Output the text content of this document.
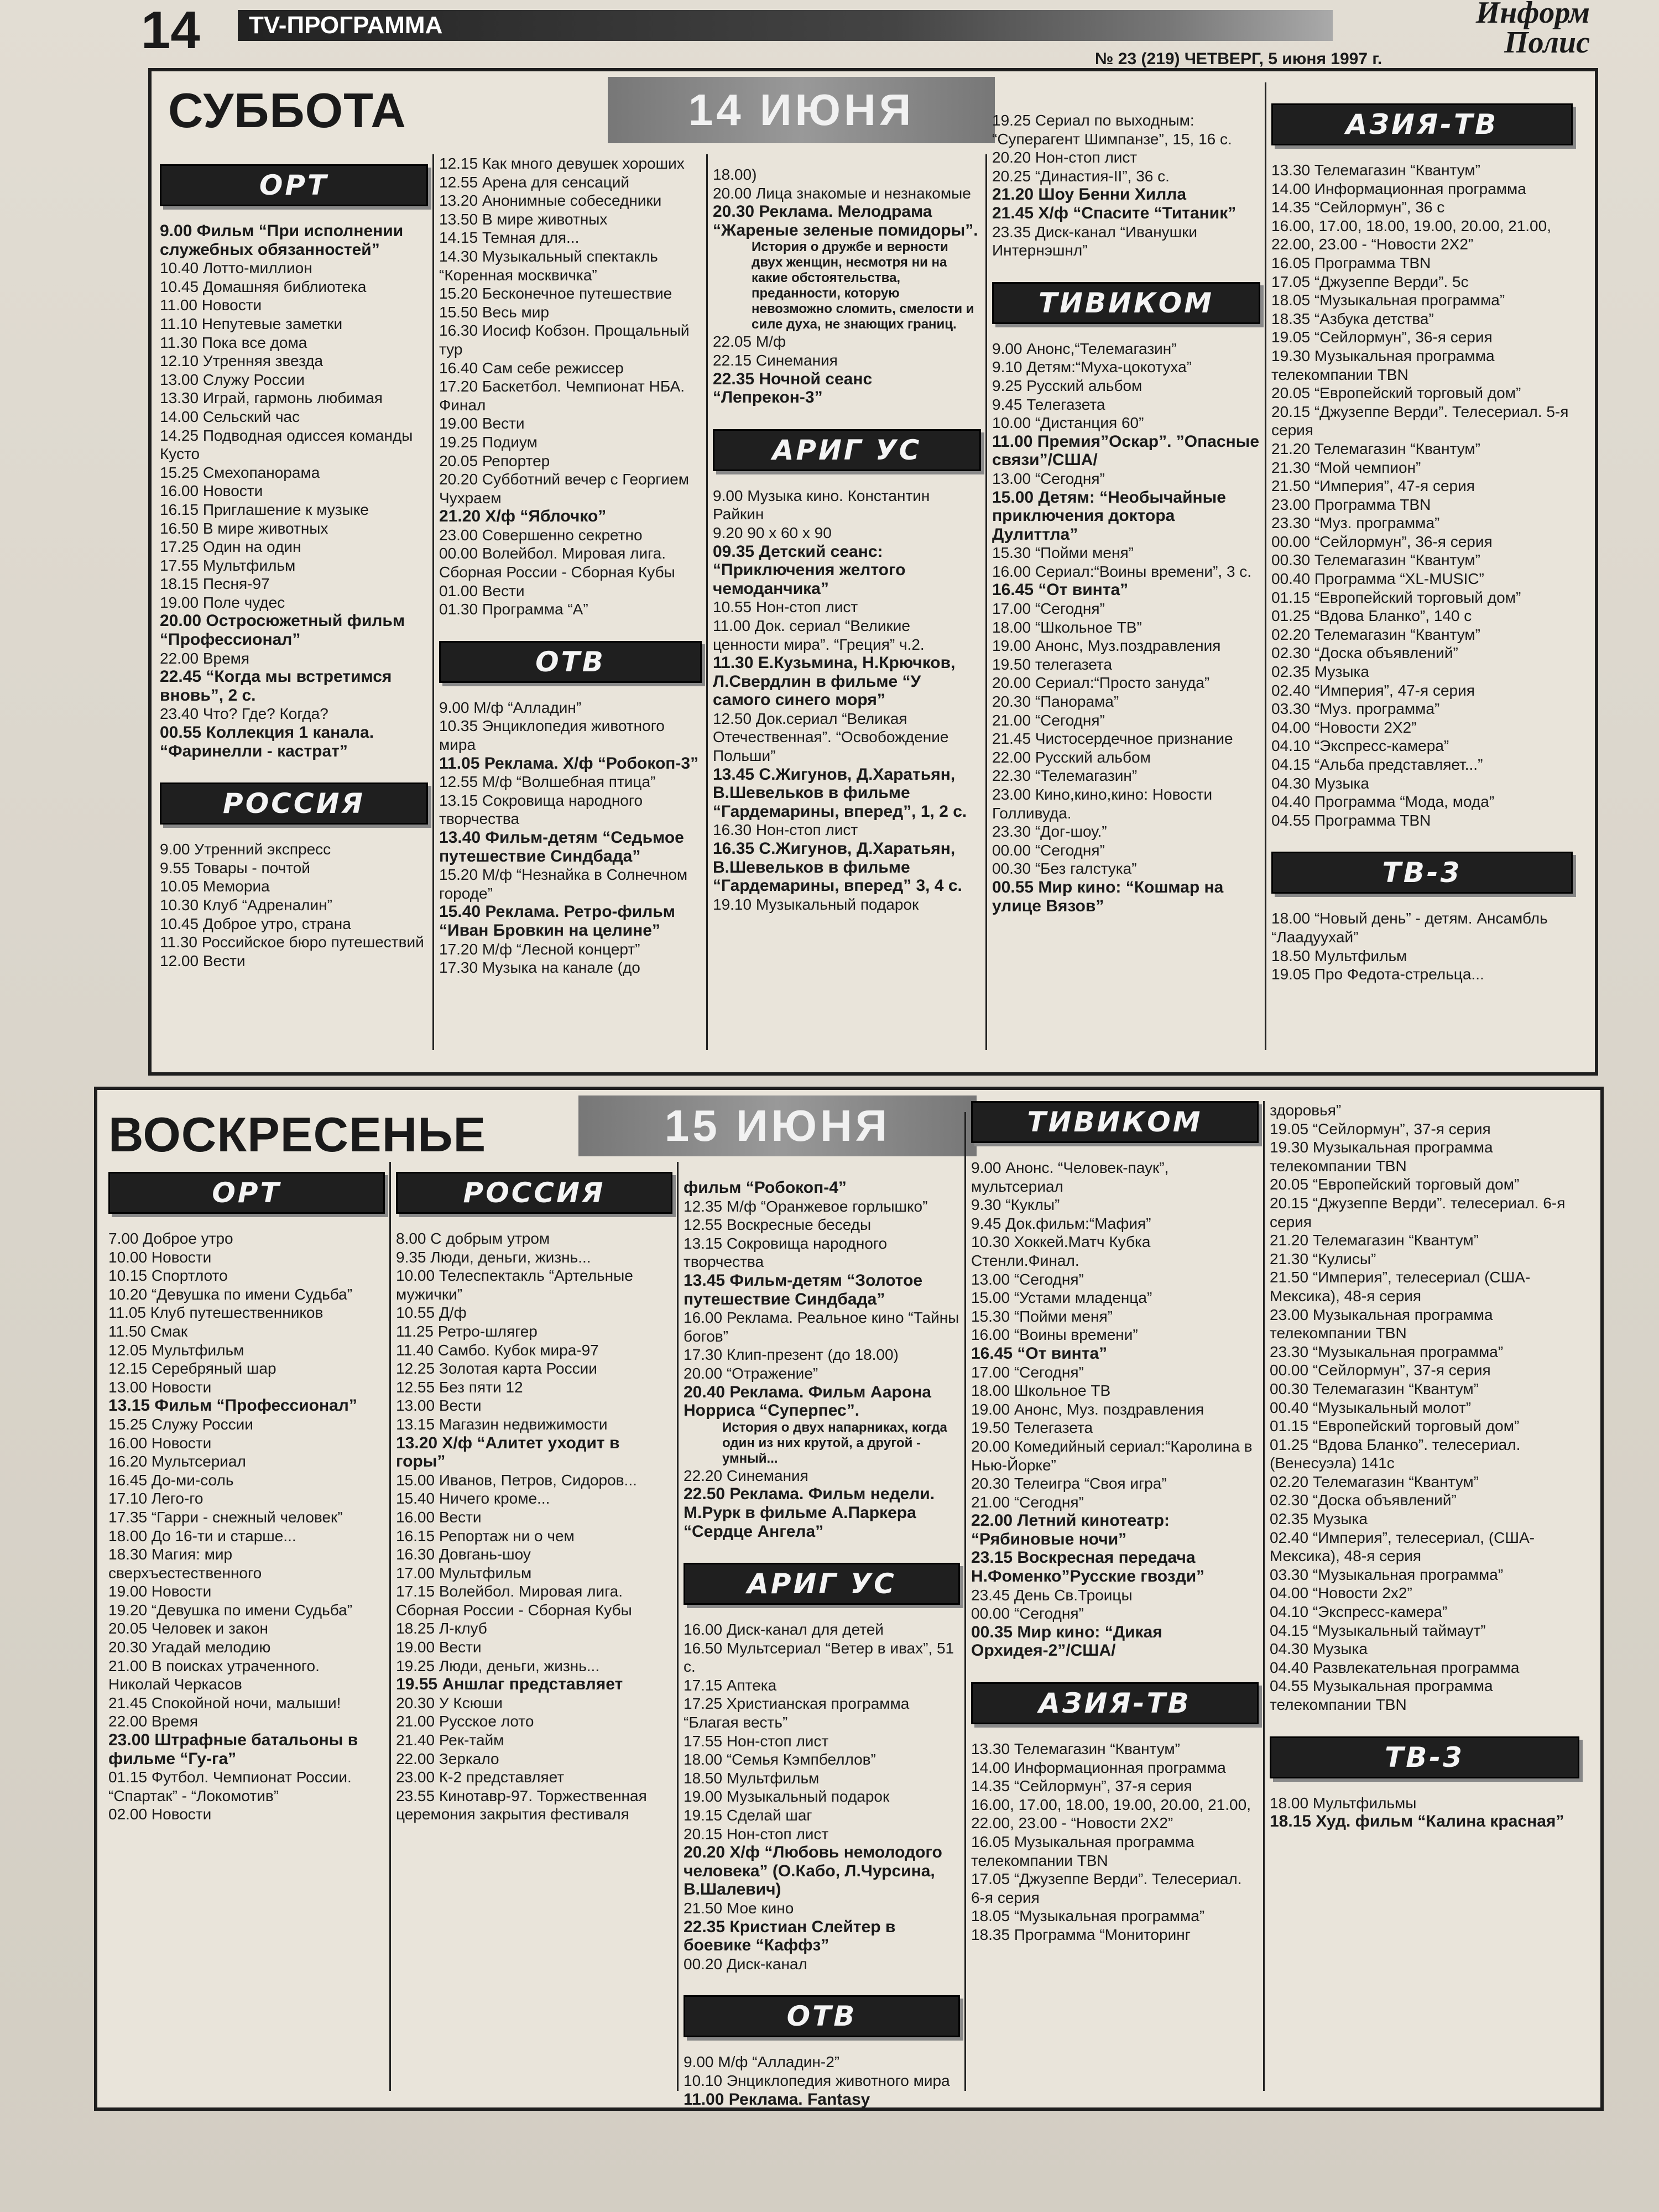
14	TV-ПРОГРАММА	Информ
Полис
№ 23 (219) ЧЕТВЕРГ, 5 июня 1997 г.
СУББОТА	14 ИЮНЯ
ОРТ
9.00 Фильм “При исполнении служебных обязанностей”
10.40 Лотто-миллион
10.45 Домашняя библиотека
11.00 Новости
11.10 Непутевые заметки
11.30 Пока все дома
12.10 Утренняя звезда
13.00 Служу России
13.30 Играй, гармонь любимая
14.00 Сельский час
14.25 Подводная одиссея команды Кусто
15.25 Смехопанорама
16.00 Новости
16.15 Приглашение к музыке
16.50 В мире животных
17.25 Один на один
17.55 Мультфильм
18.15 Песня-97
19.00 Поле чудес
20.00 Остросюжетный фильм “Профессионал”
22.00 Время
22.45 “Когда мы встретимся вновь”, 2 с.
23.40 Что? Где? Когда?
00.55 Коллекция 1 канала. “Фаринелли - кастрат”
РОССИЯ
9.00 Утренний экспресс
9.55 Товары - почтой
10.05 Мемориа
10.30 Клуб “Адреналин”
10.45 Доброе утро, страна
11.30 Российское бюро путешествий
12.00 Вести
12.15 Как много девушек хороших
12.55 Арена для сенсаций
13.20 Анонимные собеседники
13.50 В мире животных
14.15 Темная для...
14.30 Музыкальный спектакль “Коренная москвичка”
15.20 Бесконечное путешествие
15.50 Весь мир
16.30 Иосиф Кобзон. Прощальный тур
16.40 Сам себе режиссер
17.20 Баскетбол. Чемпионат НБА. Финал
19.00 Вести
19.25 Подиум
20.05 Репортер
20.20 Субботний вечер с Георгием Чухраем
21.20 Х/ф “Яблочко”
23.00 Совершенно секретно
00.00 Волейбол. Мировая лига. Сборная России - Сборная Кубы
01.00 Вести
01.30 Программа “А”
ОТВ
9.00 М/ф “Алладин”
10.35 Энциклопедия животного мира
11.05 Реклама. Х/ф “Робокоп-3”
12.55 М/ф “Волшебная птица”
13.15 Сокровища народного творчества
13.40 Фильм-детям “Седьмое путешествие Синдбада”
15.20 М/ф “Незнайка в Солнечном городе”
15.40 Реклама. Ретро-фильм “Иван Бровкин на целине”
17.20 М/ф “Лесной концерт”
17.30 Музыка на канале (до
18.00)
20.00 Лица знакомые и незнакомые
20.30 Реклама. Мелодрама “Жареные зеленые помидоры”.
История о дружбе и верности двух женщин, несмотря ни на какие обстоятельства, преданности, которую невозможно сломить, смелости и силе духа, не знающих границ.
22.05 М/ф
22.15 Синемания
22.35 Ночной сеанс “Лепрекон-3”
АРИГ УС
9.00 Музыка кино. Константин Райкин
9.20 90 х 60 х 90
09.35 Детский сеанс: “Приключения желтого чемоданчика”
10.55 Нон-стоп лист
11.00 Док. сериал “Великие ценности мира”. “Греция” ч.2.
11.30 Е.Кузьмина, Н.Крючков, Л.Свердлин в фильме “У самого синего моря”
12.50 Док.сериал “Великая Отечественная”. “Освобождение Польши”
13.45 С.Жигунов, Д.Харатьян, В.Шевельков в фильме “Гардемарины, вперед”, 1, 2 с.
16.30 Нон-стоп лист
16.35 С.Жигунов, Д.Харатьян, В.Шевельков в фильме “Гардемарины, вперед” 3, 4 с.
19.10 Музыкальный подарок
19.25 Сериал по выходным: “Суперагент Шимпанзе”, 15, 16 с.
20.20 Нон-стоп лист
20.25 “Династия-II”, 36 с.
21.20 Шоу Бенни Хилла
21.45 Х/ф “Спасите “Титаник”
23.35 Диск-канал “Иванушки Интернэшнл”
ТИВИКОМ
9.00 Анонс,“Телемагазин”
9.10 Детям:“Муха-цокотуха”
9.25 Русский альбом
9.45 Телегазета
10.00 “Дистанция 60”
11.00 Премия”Оскар”. ”Опасные связи”/США/
13.00 “Сегодня”
15.00 Детям: “Необычайные приключения доктора Дулиттла”
15.30 “Пойми меня”
16.00 Сериал:“Воины времени”, 3 с.
16.45 “От винта”
17.00 “Сегодня”
18.00 “Школьное ТВ”
19.00 Анонс, Муз.поздравления
19.50 телегазета
20.00 Сериал:“Просто зануда”
20.30 “Панорама”
21.00 “Сегодня”
21.45 Чистосердечное признание
22.00 Русский альбом
22.30 “Телемагазин”
23.00 Кино,кино,кино: Новости Голливуда.
23.30 “Дог-шоу.”
00.00 “Сегодня”
00.30 “Без галстука”
00.55 Мир кино: “Кошмар на улице Вязов”
АЗИЯ-ТВ
13.30 Телемагазин “Квантум”
14.00 Информационная программа
14.35 “Сейлормун”, 36 с
16.00, 17.00, 18.00, 19.00, 20.00, 21.00, 22.00, 23.00 - “Новости 2Х2”
16.05 Программа TBN
17.05 “Джузеппе Верди”. 5с
18.05 “Музыкальная программа”
18.35 “Азбука детства”
19.05 “Сейлормун”, 36-я серия
19.30 Музыкальная программа телекомпании TBN
20.05 “Европейский торговый дом”
20.15 “Джузеппе Верди”. Телесериал. 5-я серия
21.20 Телемагазин “Квантум”
21.30 “Мой чемпион”
21.50 “Империя”, 47-я серия
23.00 Программа TBN
23.30 “Муз. программа”
00.00 “Сейлормун”, 36-я серия
00.30 Телемагазин “Квантум”
00.40 Программа “XL-MUSIC”
01.15 “Европейский торговый дом”
01.25 “Вдова Бланко”, 140 с
02.20 Телемагазин “Квантум”
02.30 “Доска объявлений”
02.35 Музыка
02.40 “Империя”, 47-я серия
03.30 “Муз. программа”
04.00 “Новости 2Х2”
04.10 “Экспресс-камера”
04.15 “Альба представляет...”
04.30 Музыка
04.40 Программа “Мода, мода”
04.55 Программа TBN
ТВ-3
18.00 “Новый день” - детям. Ансамбль “Лаадуухай”
18.50 Мультфильм
19.05 Про Федота-стрельца...
ВОСКРЕСЕНЬЕ	15 ИЮНЯ
ОРТ
7.00 Доброе утро
10.00 Новости
10.15 Спортлото
10.20 “Девушка по имени Судьба”
11.05 Клуб путешественников
11.50 Смак
12.05 Мультфильм
12.15 Серебряный шар
13.00 Новости
13.15 Фильм “Профессионал”
15.25 Служу России
16.00 Новости
16.20 Мультсериал
16.45 До-ми-соль
17.10 Лего-го
17.35 “Гарри - снежный человек”
18.00 До 16-ти и старше...
18.30 Магия: мир сверхъестественного
19.00 Новости
19.20 “Девушка по имени Судьба”
20.05 Человек и закон
20.30 Угадай мелодию
21.00 В поисках утраченного. Николай Черкасов
21.45 Спокойной ночи, малыши!
22.00 Время
23.00 Штрафные батальоны в фильме “Гу-га”
01.15 Футбол. Чемпионат России. “Спартак” - “Локомотив”
02.00 Новости
РОССИЯ
8.00 С добрым утром
9.35 Люди, деньги, жизнь...
10.00 Телеспектакль “Артельные мужички”
10.55 Д/ф
11.25 Ретро-шлягер
11.40 Самбо. Кубок мира-97
12.25 Золотая карта России
12.55 Без пяти 12
13.00 Вести
13.15 Магазин недвижимости
13.20 Х/ф “Алитет уходит в горы”
15.00 Иванов, Петров, Сидоров...
15.40 Ничего кроме...
16.00 Вести
16.15 Репортаж ни о чем
16.30 Довгань-шоу
17.00 Мультфильм
17.15 Волейбол. Мировая лига. Сборная России - Сборная Кубы
18.25 Л-клуб
19.00 Вести
19.25 Люди, деньги, жизнь...
19.55 Аншлаг представляет
20.30 У Ксюши
21.00 Русское лото
21.40 Рек-тайм
22.00 Зеркало
23.00 К-2 представляет
23.55 Кинотавр-97. Торжественная церемония закрытия фестиваля
фильм “Робокоп-4”
12.35 М/ф “Оранжевое горлышко”
12.55 Воскресные беседы
13.15 Сокровища народного творчества
13.45 Фильм-детям “Золотое путешествие Синдбада”
16.00 Реклама. Реальное кино “Тайны богов”
17.30 Клип-презент (до 18.00)
20.00 “Отражение”
20.40 Реклама. Фильм Аарона Норриса “Суперпес”.
История о двух напарниках, когда один из них крутой, а другой - умный...
22.20 Синемания
22.50 Реклама. Фильм недели. М.Рурк в фильме А.Паркера “Сердце Ангела”
АРИГ УС
16.00 Диск-канал для детей
16.50 Мультсериал “Ветер в ивах”, 51 с.
17.15 Аптека
17.25 Христианская программа “Благая весть”
17.55 Нон-стоп лист
18.00 “Семья Кэмпбеллов”
18.50 Мультфильм
19.00 Музыкальный подарок
19.15 Сделай шаг
20.15 Нон-стоп лист
20.20 Х/ф “Любовь немолодого человека” (О.Кабо, Л.Чурсина, В.Шалевич)
21.50 Мое кино
22.35 Кристиан Слейтер в боевике “Каффз”
00.20 Диск-канал
ОТВ
9.00 М/ф “Алладин-2”
10.10 Энциклопедия животного мира
11.00 Реклама. Fantasy
ТИВИКОМ
9.00 Анонс. “Человек-паук”, мультсериал
9.30 “Куклы”
9.45 Док.фильм:“Мафия”
10.30 Хоккей.Матч Кубка Стенли.Финал.
13.00 “Сегодня”
15.00 “Устами младенца”
15.30 “Пойми меня”
16.00 “Воины времени”
16.45 “От винта”
17.00 “Сегодня”
18.00 Школьное ТВ
19.00 Анонс, Муз. поздравления
19.50 Телегазета
20.00 Комедийный сериал:“Каролина в Нью-Йорке”
20.30 Телеигра “Своя игра”
21.00 “Сегодня”
22.00 Летний кинотеатр: “Рябиновые ночи”
23.15 Воскресная передача Н.Фоменко”Русские гвозди”
23.45 День Св.Троицы
00.00 “Сегодня”
00.35 Мир кино: “Дикая Орхидея-2”/США/
АЗИЯ-ТВ
13.30 Телемагазин “Квантум”
14.00 Информационная программа
14.35 “Сейлормун”, 37-я серия
16.00, 17.00, 18.00, 19.00, 20.00, 21.00, 22.00, 23.00 - “Новости 2Х2”
16.05 Музыкальная программа телекомпании TBN
17.05 “Джузеппе Верди”. Телесериал. 6-я серия
18.05 “Музыкальная программа”
18.35 Программа “Мониторинг
здоровья”
19.05 “Сейлормун”, 37-я серия
19.30 Музыкальная программа телекомпании TBN
20.05 “Европейский торговый дом”
20.15 “Джузеппе Верди”. телесериал. 6-я серия
21.20 Телемагазин “Квантум”
21.30 “Кулисы”
21.50 “Империя”, телесериал (США-Мексика), 48-я серия
23.00 Музыкальная программа телекомпании TBN
23.30 “Музыкальная программа”
00.00 “Сейлормун”, 37-я серия
00.30 Телемагазин “Квантум”
00.40 “Музыкальный молот”
01.15 “Европейский торговый дом”
01.25 “Вдова Бланко”. телесериал. (Венесуэла) 141с
02.20 Телемагазин “Квантум”
02.30 “Доска объявлений”
02.35 Музыка
02.40 “Империя”, телесериал, (США-Мексика), 48-я серия
03.30 “Музыкальная программа”
04.00 “Новости 2х2”
04.10 “Экспресс-камера”
04.15 “Музыкальный таймаут”
04.30 Музыка
04.40 Развлекательная программа
04.55 Музыкальная программа телекомпании TBN
ТВ-3
18.00 Мультфильмы
18.15 Худ. фильм “Калина красная”
